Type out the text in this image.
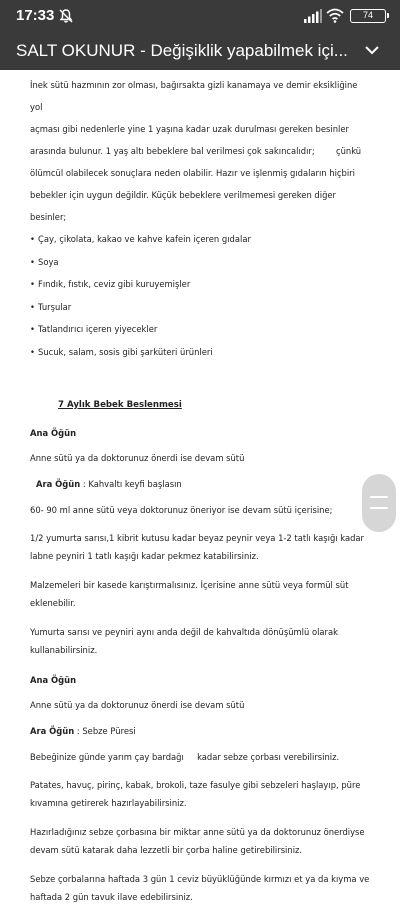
17:33	74
SALT OKUNUR - Değişiklik yapabilmek içi...
İnek sütü hazmının zor olması, bağırsakta gizli kanamaya ve demir eksikliğine yol
açması gibi nedenlerle yine 1 yaşına kadar uzak durulması gereken besinler
arasında bulunur. 1 yaş altı bebeklere bal verilmesi çok sakıncalıdır;        çünkü
ölümcül olabilecek sonuçlara neden olabilir. Hazır ve işlenmiş gıdaların hiçbiri
bebekler için uygun değildir. Küçük bebeklere verilmemesi gereken diğer
besinler;
• Çay, çikolata, kakao ve kahve kafein içeren gıdalar
• Soya
• Fındık, fıstık, ceviz gibi kuruyemişler
• Turşular
• Tatlandırıcı içeren yiyecekler
• Sucuk, salam, sosis gibi şarküteri ürünleri
7 Aylık Bebek Beslenmesi
Ana Öğün
Anne sütü ya da doktorunuz önerdi ise devam sütü
Ara Öğün : Kahvaltı keyfi başlasın
60- 90 ml anne sütü veya doktorunuz öneriyor ise devam sütü içerisine;
1/2 yumurta sarısı,1 kibrit kutusu kadar beyaz peynir veya 1-2 tatlı kaşığı kadar labne peyniri 1 tatlı kaşığı kadar pekmez katabilirsiniz.
Malzemeleri bir kasede karıştırmalısınız. İçerisine anne sütü veya formül süt eklenebilir.
Yumurta sarısı ve peyniri aynı anda değil de kahvaltıda dönüşümlü olarak kullanabilirsiniz.
Ana Öğün
Anne sütü ya da doktorunuz önerdi ise devam sütü
Ara Öğün : Sebze Püresi
Bebeğinize günde yarım çay bardağı     kadar sebze çorbası verebilirsiniz.
Patates, havuç, pirinç, kabak, brokoli, taze fasulye gibi sebzeleri haşlayıp, püre kıvamına getirerek hazırlayabilirsiniz.
Hazırladığınız sebze çorbasına bir miktar anne sütü ya da doktorunuz önerdiyse devam sütü katarak daha lezzetli bir çorba haline getirebilirsiniz.
Sebze çorbalarına haftada 3 gün 1 ceviz büyüklüğünde kırmızı et ya da kıyma ve haftada 2 gün tavuk ilave edebilirsiniz.
